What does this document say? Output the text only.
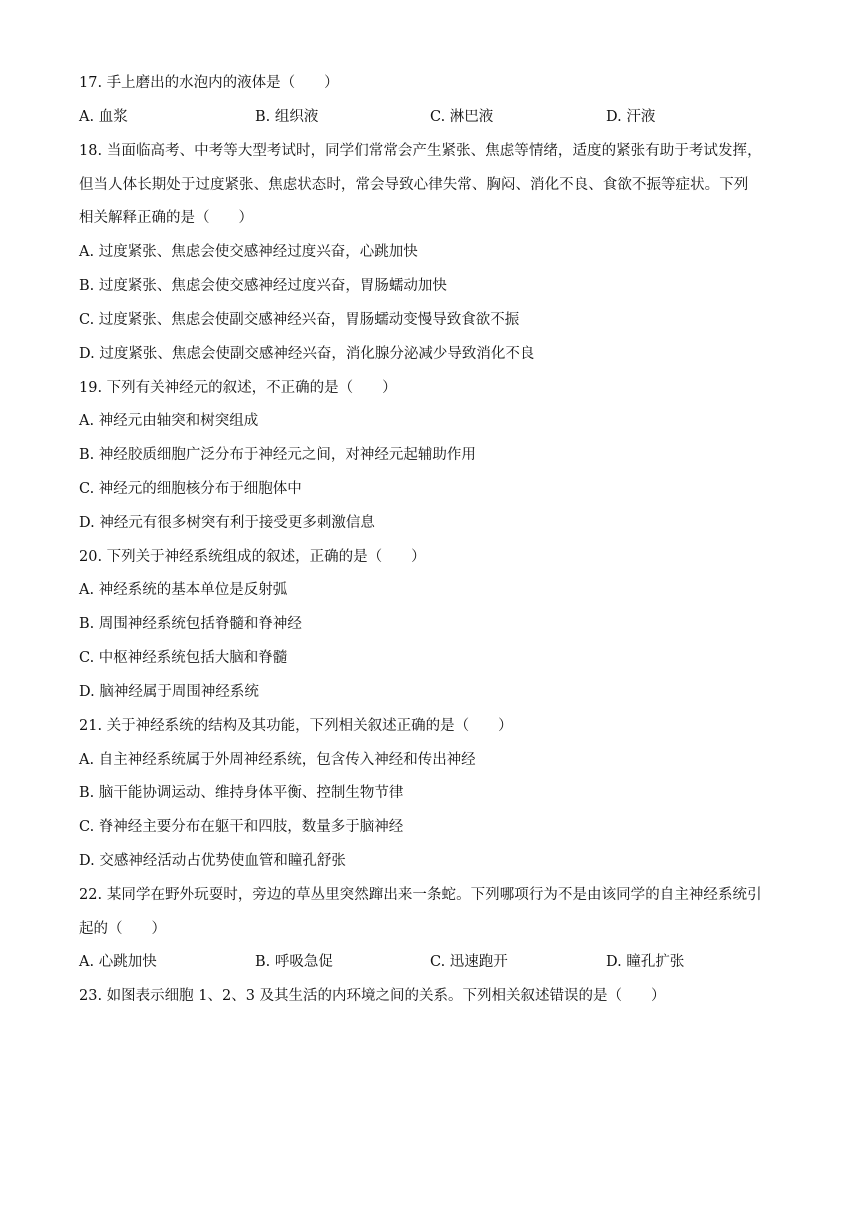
17. 手上磨出的水泡内的液体是（　　）
A. 血浆	B. 组织液	C. 淋巴液	D. 汗液
18. 当面临高考、中考等大型考试时，同学们常常会产生紧张、焦虑等情绪，适度的紧张有助于考试发挥，
但当人体长期处于过度紧张、焦虑状态时，常会导致心律失常、胸闷、消化不良、食欲不振等症状。下列
相关解释正确的是（　　）
A. 过度紧张、焦虑会使交感神经过度兴奋，心跳加快
B. 过度紧张、焦虑会使交感神经过度兴奋，胃肠蠕动加快
C. 过度紧张、焦虑会使副交感神经兴奋，胃肠蠕动变慢导致食欲不振
D. 过度紧张、焦虑会使副交感神经兴奋，消化腺分泌减少导致消化不良
19. 下列有关神经元的叙述，不正确的是（　　）
A. 神经元由轴突和树突组成
B. 神经胶质细胞广泛分布于神经元之间，对神经元起辅助作用
C. 神经元的细胞核分布于细胞体中
D. 神经元有很多树突有利于接受更多刺激信息
20. 下列关于神经系统组成的叙述，正确的是（　　）
A. 神经系统的基本单位是反射弧
B. 周围神经系统包括脊髓和脊神经
C. 中枢神经系统包括大脑和脊髓
D. 脑神经属于周围神经系统
21. 关于神经系统的结构及其功能，下列相关叙述正确的是（　　）
A. 自主神经系统属于外周神经系统，包含传入神经和传出神经
B. 脑干能协调运动、维持身体平衡、控制生物节律
C. 脊神经主要分布在躯干和四肢，数量多于脑神经
D. 交感神经活动占优势使血管和瞳孔舒张
22. 某同学在野外玩耍时，旁边的草丛里突然蹿出来一条蛇。下列哪项行为不是由该同学的自主神经系统引
起的（　　）
A. 心跳加快	B. 呼吸急促	C. 迅速跑开	D. 瞳孔扩张
23. 如图表示细胞 1、2、3 及其生活的内环境之间的关系。下列相关叙述错误的是（　　）
